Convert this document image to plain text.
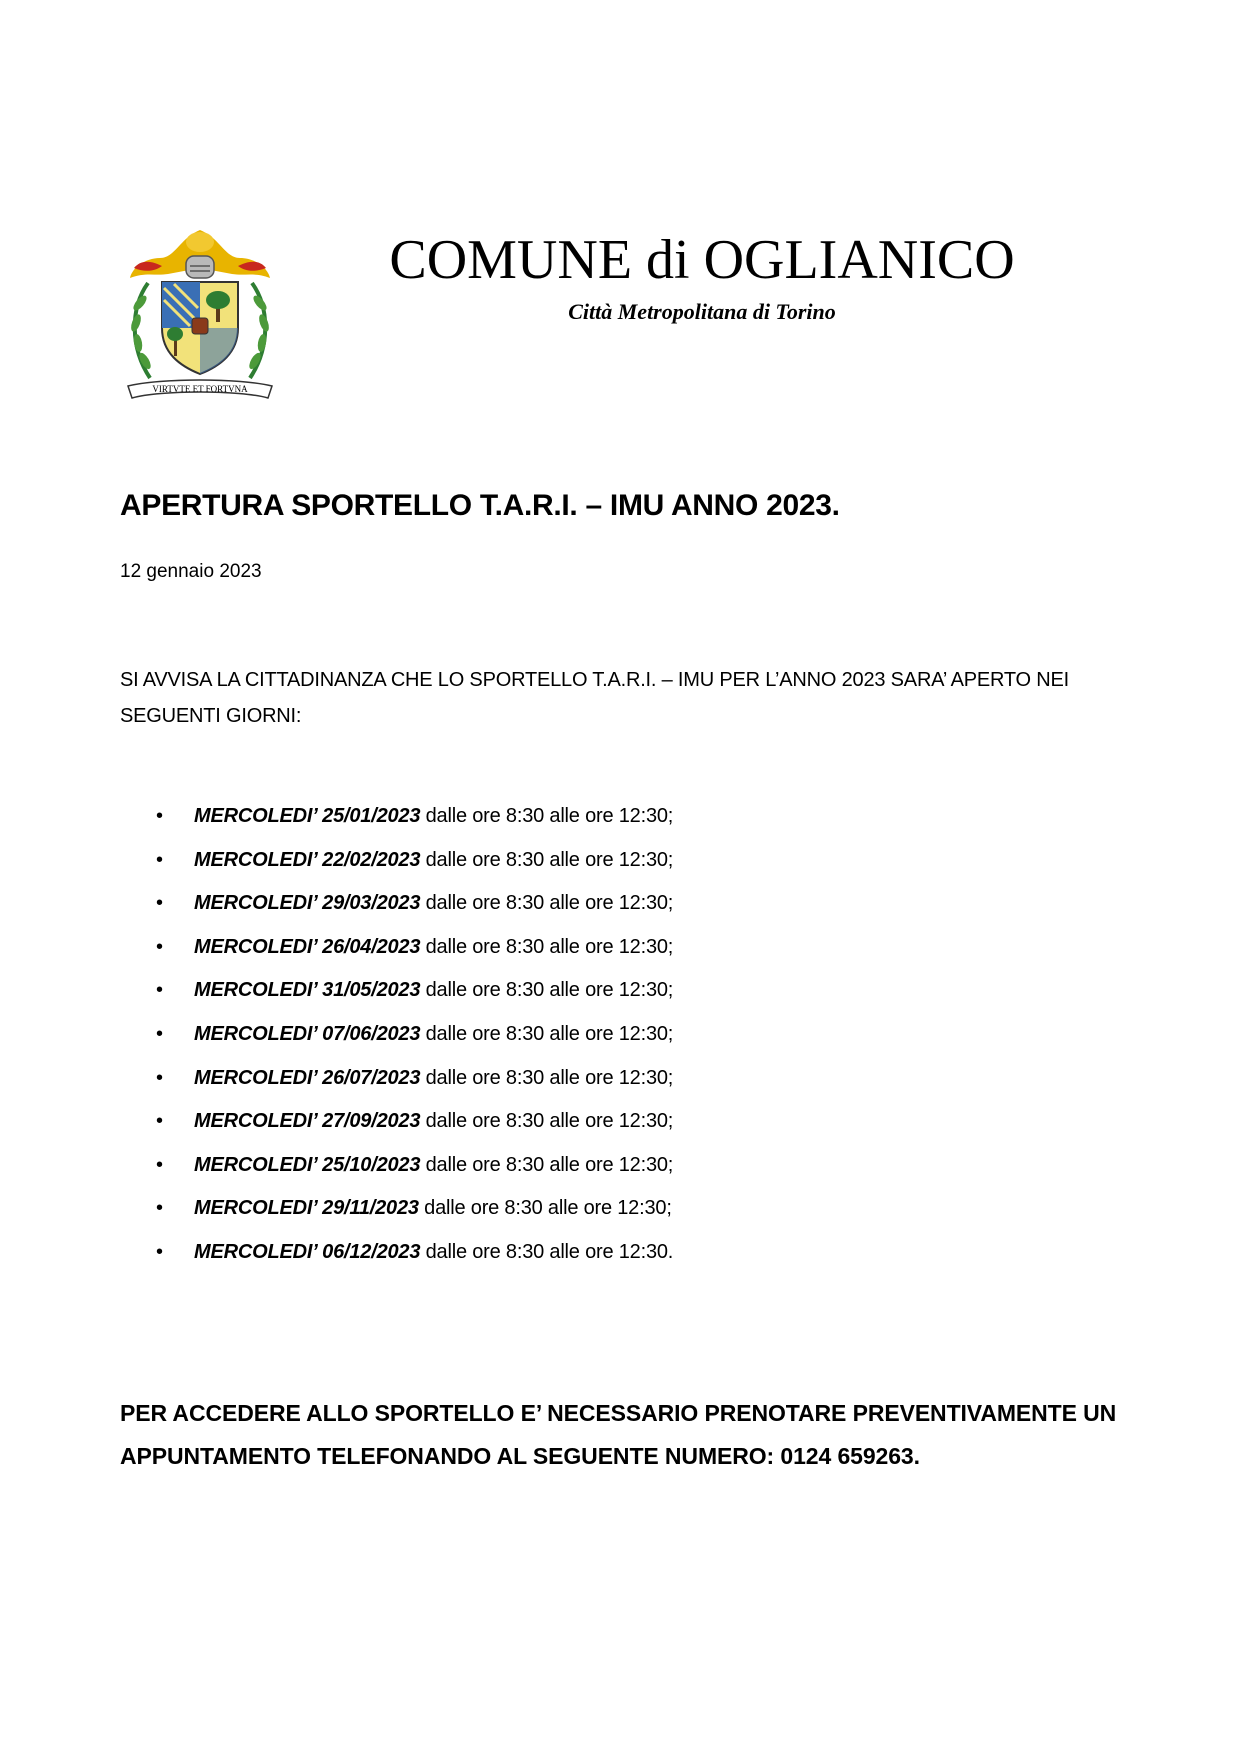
VIRTVTE ET FORTVNA
COMUNE di OGLIANICO

Città Metropolitana di Torino

APERTURA SPORTELLO T.A.R.I. – IMU ANNO 2023.

12 gennaio 2023

SI AVVISA LA CITTADINANZA CHE LO SPORTELLO T.A.R.I. – IMU PER L’ANNO 2023 SARA’ APERTO NEI SEGUENTI GIORNI:

• MERCOLEDI’ 25/01/2023 dalle ore 8:30 alle ore 12:30;
• MERCOLEDI’ 22/02/2023 dalle ore 8:30 alle ore 12:30;
• MERCOLEDI’ 29/03/2023 dalle ore 8:30 alle ore 12:30;
• MERCOLEDI’ 26/04/2023 dalle ore 8:30 alle ore 12:30;
• MERCOLEDI’ 31/05/2023 dalle ore 8:30 alle ore 12:30;
• MERCOLEDI’ 07/06/2023 dalle ore 8:30 alle ore 12:30;
• MERCOLEDI’ 26/07/2023 dalle ore 8:30 alle ore 12:30;
• MERCOLEDI’ 27/09/2023 dalle ore 8:30 alle ore 12:30;
• MERCOLEDI’ 25/10/2023 dalle ore 8:30 alle ore 12:30;
• MERCOLEDI’ 29/11/2023 dalle ore 8:30 alle ore 12:30;
• MERCOLEDI’ 06/12/2023 dalle ore 8:30 alle ore 12:30.

PER ACCEDERE ALLO SPORTELLO E’ NECESSARIO PRENOTARE PREVENTIVAMENTE UN APPUNTAMENTO TELEFONANDO AL SEGUENTE NUMERO: 0124 659263.
